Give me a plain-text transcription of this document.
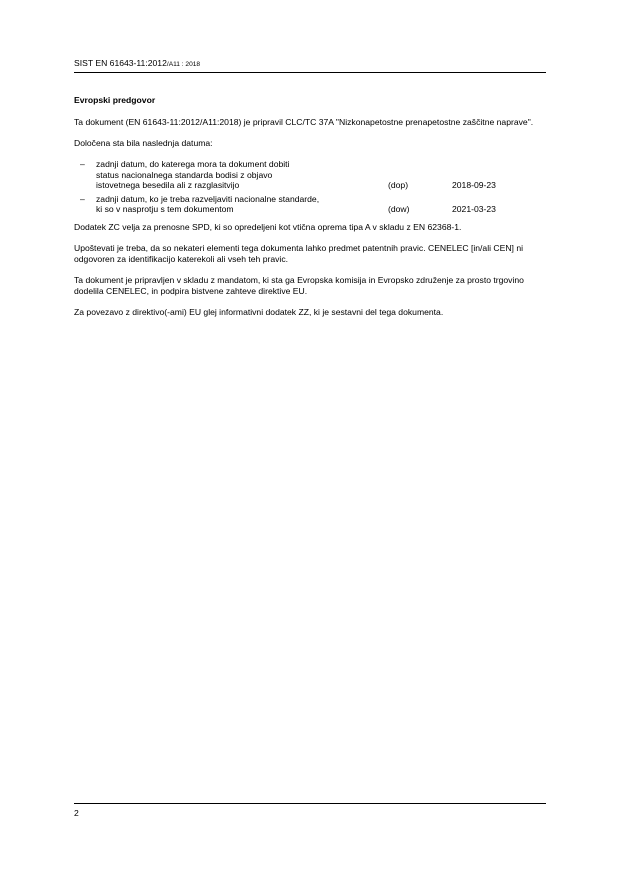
SIST EN 61643-11:2012/A11 : 2018
Evropski predgovor

Ta dokument (EN 61643-11:2012/A11:2018) je pripravil CLC/TC 37A "Nizkonapetostne prenapetostne zaščitne naprave".

Določena sta bila naslednja datuma:

–	zadnji datum, do katerega mora ta dokument dobiti
status nacionalnega standarda bodisi z objavo
istovetnega besedila ali z razglasitvijo	(dop)	2018-09-23
–	zadnji datum, ko je treba razveljaviti nacionalne standarde,
ki so v nasprotju s tem dokumentom	(dow)	2021-03-23

Dodatek ZC velja za prenosne SPD, ki so opredeljeni kot vtična oprema tipa A v skladu z EN 62368-1.

Upoštevati je treba, da so nekateri elementi tega dokumenta lahko predmet patentnih pravic. CENELEC [in/ali CEN] ni odgovoren za identifikacijo katerekoli ali vseh teh pravic.

Ta dokument je pripravljen v skladu z mandatom, ki sta ga Evropska komisija in Evropsko združenje za prosto trgovino dodelila CENELEC, in podpira bistvene zahteve direktive EU.

Za povezavo z direktivo(-ami) EU glej informativni dodatek ZZ, ki je sestavni del tega dokumenta.

2
